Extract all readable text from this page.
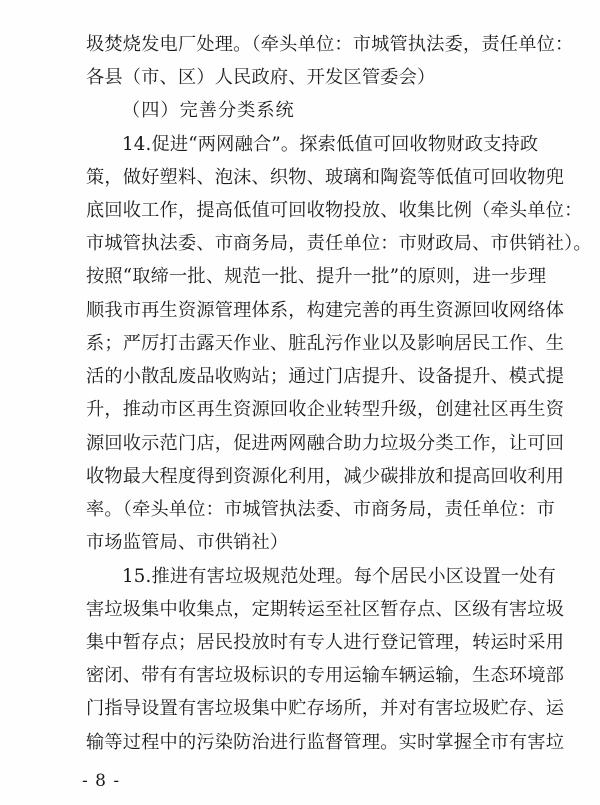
圾焚烧发电厂处理。（牵头单位：市城管执法委，责任单位：
各县（市、区）人民政府、开发区管委会）
（四）完善分类系统
14.促进“两网融合”。探索低值可回收物财政支持政
策，做好塑料、泡沫、织物、玻璃和陶瓷等低值可回收物兜
底回收工作，提高低值可回收物投放、收集比例（牵头单位：
市城管执法委、市商务局，责任单位：市财政局、市供销社）。
按照“取缔一批、规范一批、提升一批”的原则，进一步理
顺我市再生资源管理体系，构建完善的再生资源回收网络体
系；严厉打击露天作业、脏乱污作业以及影响居民工作、生
活的小散乱废品收购站；通过门店提升、设备提升、模式提
升，推动市区再生资源回收企业转型升级，创建社区再生资
源回收示范门店，促进两网融合助力垃圾分类工作，让可回
收物最大程度得到资源化利用，减少碳排放和提高回收利用
率。（牵头单位：市城管执法委、市商务局，责任单位：市
市场监管局、市供销社）
15.推进有害垃圾规范处理。每个居民小区设置一处有
害垃圾集中收集点，定期转运至社区暂存点、区级有害垃圾
集中暂存点；居民投放时有专人进行登记管理，转运时采用
密闭、带有有害垃圾标识的专用运输车辆运输，生态环境部
门指导设置有害垃圾集中贮存场所，并对有害垃圾贮存、运
输等过程中的污染防治进行监督管理。实时掌握全市有害垃
- 8 -
